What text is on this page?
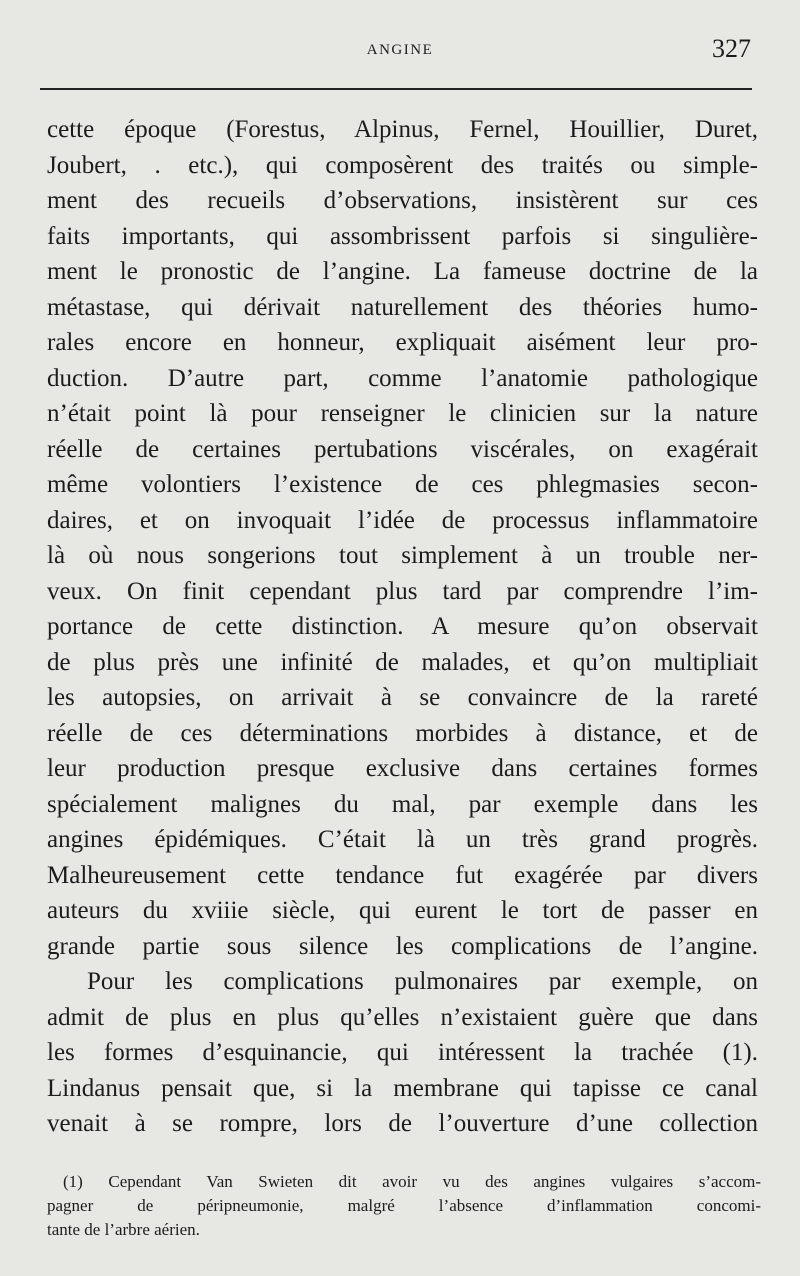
ANGINE	327
cette époque (Forestus, Alpinus, Fernel, Houillier, Duret,
Joubert, . etc.), qui composèrent des traités ou simple-
ment des recueils d’observations, insistèrent sur ces
faits importants, qui assombrissent parfois si singulière-
ment le pronostic de l’angine. La fameuse doctrine de la
métastase, qui dérivait naturellement des théories humo-
rales encore en honneur, expliquait aisément leur pro-
duction. D’autre part, comme l’anatomie pathologique
n’était point là pour renseigner le clinicien sur la nature
réelle de certaines pertubations viscérales, on exagérait
même volontiers l’existence de ces phlegmasies secon-
daires, et on invoquait l’idée de processus inflammatoire
là où nous songerions tout simplement à un trouble ner-
veux. On finit cependant plus tard par comprendre l’im-
portance de cette distinction. A mesure qu’on observait
de plus près une infinité de malades, et qu’on multipliait
les autopsies, on arrivait à se convaincre de la rareté
réelle de ces déterminations morbides à distance, et de
leur production presque exclusive dans certaines formes
spécialement malignes du mal, par exemple dans les
angines épidémiques. C’était là un très grand progrès.
Malheureusement cette tendance fut exagérée par divers
auteurs du xviiie siècle, qui eurent le tort de passer en
grande partie sous silence les complications de l’angine.
Pour les complications pulmonaires par exemple, on
admit de plus en plus qu’elles n’existaient guère que dans
les formes d’esquinancie, qui intéressent la trachée (1).
Lindanus pensait que, si la membrane qui tapisse ce canal
venait à se rompre, lors de l’ouverture d’une collection
(1) Cependant Van Swieten dit avoir vu des angines vulgaires s’accom-
pagner de péripneumonie, malgré l’absence d’inflammation concomi-
tante de l’arbre aérien.
